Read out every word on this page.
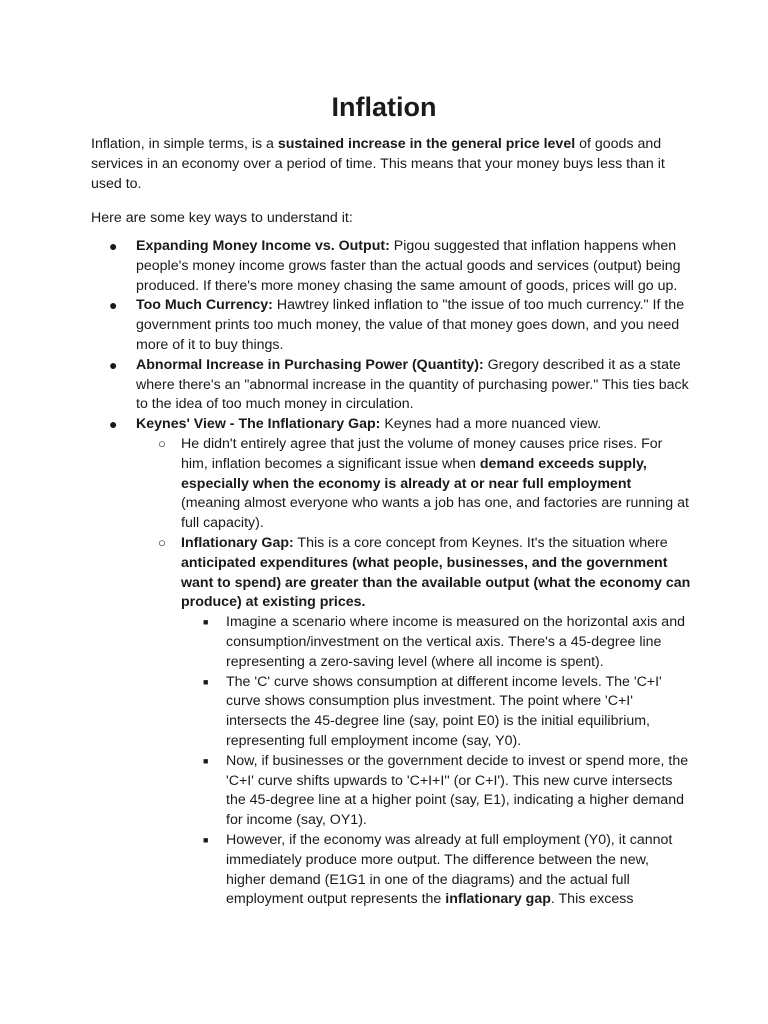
Inflation

Inflation, in simple terms, is a sustained increase in the general price level of goods and services in an economy over a period of time. This means that your money buys less than it used to.

Here are some key ways to understand it:

● Expanding Money Income vs. Output: Pigou suggested that inflation happens when people's money income grows faster than the actual goods and services (output) being produced. If there's more money chasing the same amount of goods, prices will go up.
● Too Much Currency: Hawtrey linked inflation to "the issue of too much currency." If the government prints too much money, the value of that money goes down, and you need more of it to buy things.
● Abnormal Increase in Purchasing Power (Quantity): Gregory described it as a state where there's an "abnormal increase in the quantity of purchasing power." This ties back to the idea of too much money in circulation.
● Keynes' View - The Inflationary Gap: Keynes had a more nuanced view.
○ He didn't entirely agree that just the volume of money causes price rises. For him, inflation becomes a significant issue when demand exceeds supply, especially when the economy is already at or near full employment (meaning almost everyone who wants a job has one, and factories are running at full capacity).
○ Inflationary Gap: This is a core concept from Keynes. It's the situation where anticipated expenditures (what people, businesses, and the government want to spend) are greater than the available output (what the economy can produce) at existing prices.
■ Imagine a scenario where income is measured on the horizontal axis and consumption/investment on the vertical axis. There's a 45-degree line representing a zero-saving level (where all income is spent).
■ The 'C' curve shows consumption at different income levels. The 'C+I' curve shows consumption plus investment. The point where 'C+I' intersects the 45-degree line (say, point E0) is the initial equilibrium, representing full employment income (say, Y0).
■ Now, if businesses or the government decide to invest or spend more, the 'C+I' curve shifts upwards to 'C+I+I'' (or C+I'). This new curve intersects the 45-degree line at a higher point (say, E1), indicating a higher demand for income (say, OY1).
■ However, if the economy was already at full employment (Y0), it cannot immediately produce more output. The difference between the new, higher demand (E1G1 in one of the diagrams) and the actual full employment output represents the inflationary gap. This excess
